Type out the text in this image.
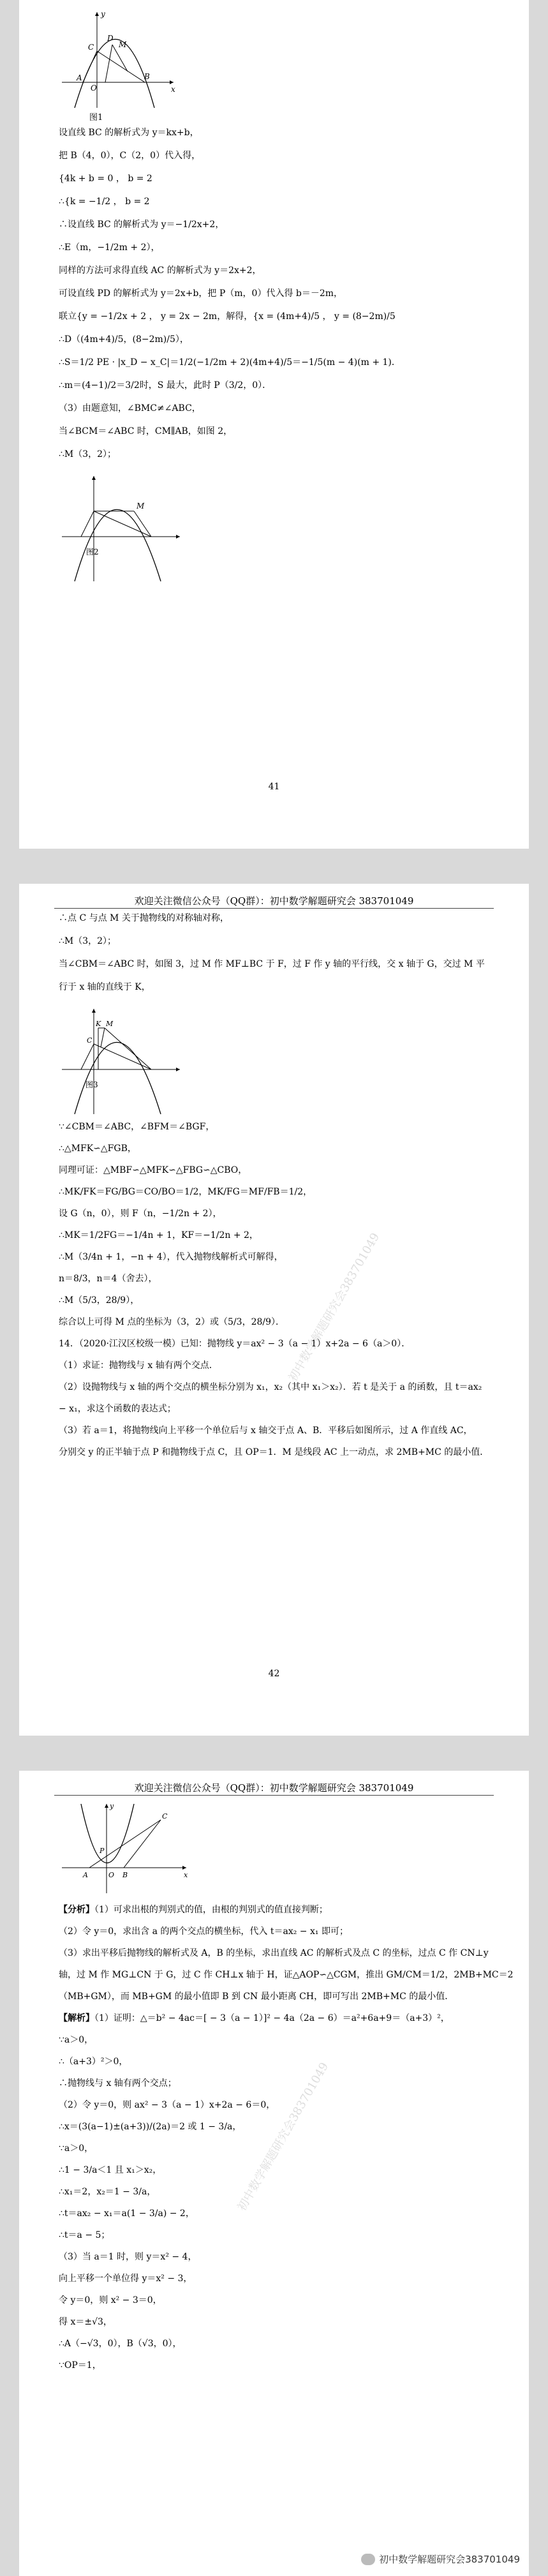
y
x
O
A	B
C
D
M
图1
设直线 BC 的解析式为 y＝kx+b，
把 B（4，0），C（2，0）代入得，
{4k + b = 0 ， b = 2
∴{k = −1/2 ， b = 2
∴设直线 BC 的解析式为 y＝−1/2x+2，
∴E（m，−1/2m + 2），
同样的方法可求得直线 AC 的解析式为 y＝2x+2，
可设直线 PD 的解析式为 y＝2x+b，把 P（m，0）代入得 b＝－2m，
联立{y = −1/2x + 2 ， y = 2x − 2m，解得，{x = (4m+4)/5 ， y = (8−2m)/5
∴D（(4m+4)/5，(8−2m)/5），
∴S＝1/2 PE · |x_D − x_C|＝1/2(−1/2m + 2)(4m+4)/5＝−1/5(m − 4)(m + 1)．
∴m＝(4−1)/2＝3/2时，S 最大，此时 P（3/2，0）．
（3）由题意知，∠BMC≠∠ABC，
当∠BCM＝∠ABC 时，CM∥AB，如图 2，
∴M（3，2）；
M
图2
41
欢迎关注微信公众号（QQ群）：初中数学解题研究会 383701049
∴点 C 与点 M 关于抛物线的对称轴对称，
∴M（3，2）；
当∠CBM＝∠ABC 时，如图 3，过 M 作 MF⊥BC 于 F，过 F 作 y 轴的平行线，交 x 轴于 G，交过 M 平
行于 x 轴的直线于 K，
K M
C
图3
∵∠CBM＝∠ABC，∠BFM＝∠BGF，
∴△MFK∽△FGB，
同理可证：△MBF∽△MFK∽△FBG∽△CBO，
∴MK/FK＝FG/BG＝CO/BO＝1/2，MK/FG＝MF/FB＝1/2，
设 G（n，0），则 F（n，−1/2n + 2），
∴MK＝1/2FG＝−1/4n + 1，KF＝−1/2n + 2，
∴M（3/4n + 1，−n + 4），代入抛物线解析式可解得，
n＝8/3，n＝4（舍去），
∴M（5/3，28/9），
综合以上可得 M 点的坐标为（3，2）或（5/3，28/9）．
14．（2020·江汉区校级一模）已知：抛物线 y＝ax² − 3（a − 1）x+2a − 6（a＞0）．
（1）求证：抛物线与 x 轴有两个交点．
（2）设抛物线与 x 轴的两个交点的横坐标分别为 x₁，x₂（其中 x₁＞x₂）．若 t 是关于 a 的函数，且 t＝ax₂
− x₁，求这个函数的表达式；
（3）若 a＝1，将抛物线向上平移一个单位后与 x 轴交于点 A、B．平移后如图所示，过 A 作直线 AC，
分别交 y 的正半轴于点 P 和抛物线于点 C，且 OP＝1．M 是线段 AC 上一动点，求 2MB+MC 的最小值．
初中数学解题研究会383701049
42
欢迎关注微信公众号（QQ群）：初中数学解题研究会 383701049
y
x
O
A	B
C
P
【分析】（1）可求出根的判别式的值，由根的判别式的值直接判断；
（2）令 y＝0，求出含 a 的两个交点的横坐标，代入 t＝ax₂ − x₁ 即可；
（3）求出平移后抛物线的解析式及 A，B 的坐标，求出直线 AC 的解析式及点 C 的坐标，过点 C 作 CN⊥y
轴，过 M 作 MG⊥CN 于 G，过 C 作 CH⊥x 轴于 H，证△AOP∽△CGM，推出 GM/CM＝1/2，2MB+MC＝2
（MB+GM），而 MB+GM 的最小值即 B 到 CN 最小距离 CH，即可写出 2MB+MC 的最小值．
【解析】（1）证明：△＝b² − 4ac＝[ − 3（a − 1）]² − 4a（2a − 6）＝a²+6a+9＝（a+3）²，
∵a＞0，
∴（a+3）²＞0，
∴抛物线与 x 轴有两个交点；
（2）令 y＝0，则 ax² − 3（a − 1）x+2a − 6＝0，
∴x＝(3(a−1)±(a+3))/(2a)＝2 或 1 − 3/a，
∵a＞0，
∴1 − 3/a＜1 且 x₁＞x₂，
∴x₁＝2，x₂＝1 − 3/a，
∴t＝ax₂ − x₁＝a(1 − 3/a) − 2，
∴t＝a − 5；
（3）当 a＝1 时，则 y＝x² − 4，
向上平移一个单位得 y＝x² − 3，
令 y＝0，则 x² − 3＝0，
得 x＝±√3，
∴A（−√3，0），B（√3，0），
∵OP＝1，
初中数学解题研究会383701049
初中数学解题研究会383701049
